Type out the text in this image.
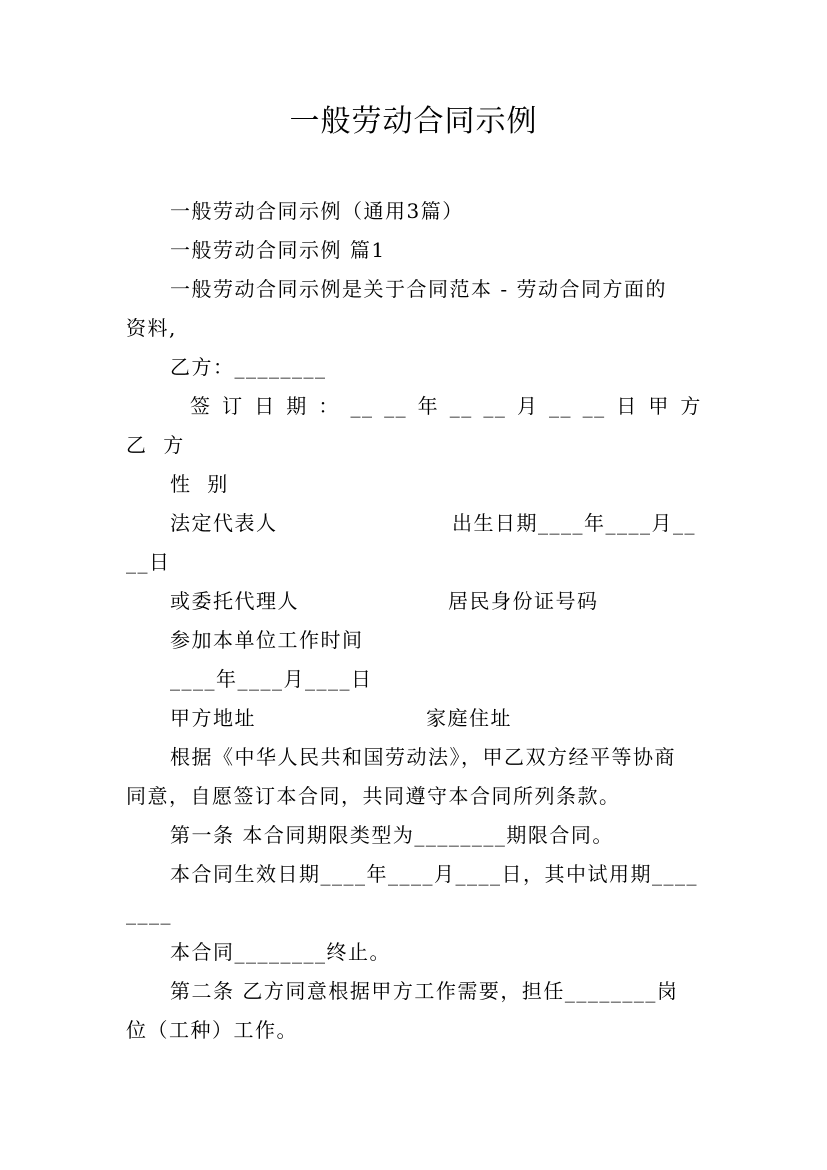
一般劳动合同示例
一般劳动合同示例（通用3篇）
一般劳动合同示例 篇1
一般劳动合同示例是关于合同范本 - 劳动合同方面的
资料,
乙方：________
签 订 日 期 ： __ __ 年 __ __ 月 __ __ 日 甲 方
乙  方
性  别
法定代表人	出生日期____年____月__
__日
或委托代理人	居民身份证号码
参加本单位工作时间
____年____月____日
甲方地址	家庭住址
根据《中华人民共和国劳动法》，甲乙双方经平等协商
同意，自愿签订本合同，共同遵守本合同所列条款。
第一条 本合同期限类型为________期限合同。
本合同生效日期____年____月____日，其中试用期____
____
本合同________终止。
第二条 乙方同意根据甲方工作需要，担任________岗
位（工种）工作。
